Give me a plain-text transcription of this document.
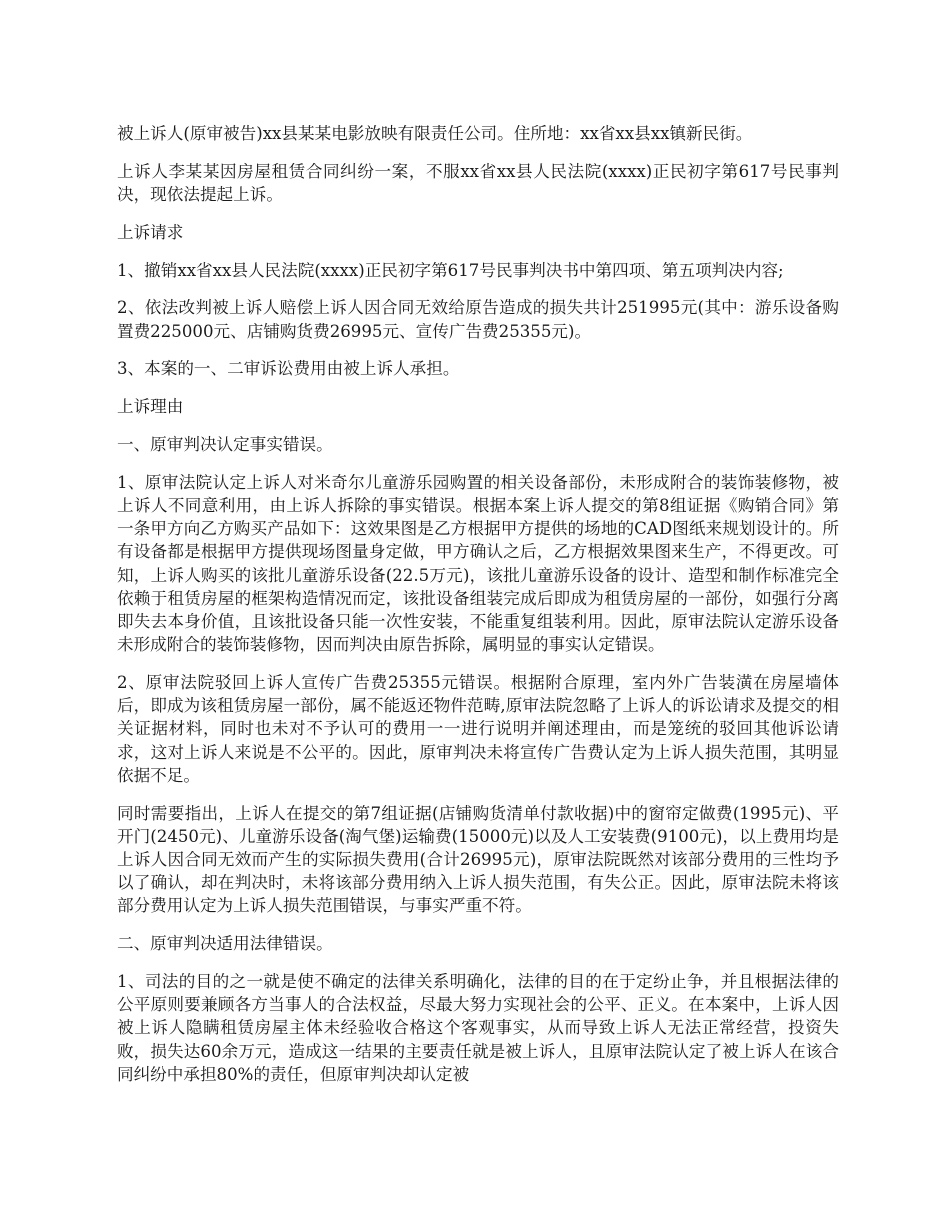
被上诉人(原审被告)xx县某某电影放映有限责任公司。住所地：xx省xx县xx镇新民街。

上诉人李某某因房屋租赁合同纠纷一案，不服xx省xx县人民法院(xxxx)正民初字第617号民事判决，现依法提起上诉。

上诉请求

1、撤销xx省xx县人民法院(xxxx)正民初字第617号民事判决书中第四项、第五项判决内容;

2、依法改判被上诉人赔偿上诉人因合同无效给原告造成的损失共计251995元(其中：游乐设备购置费225000元、店铺购货费26995元、宣传广告费25355元)。

3、本案的一、二审诉讼费用由被上诉人承担。

上诉理由

一、原审判决认定事实错误。

1、原审法院认定上诉人对米奇尔儿童游乐园购置的相关设备部份，未形成附合的装饰装修物，被上诉人不同意利用，由上诉人拆除的事实错误。根据本案上诉人提交的第8组证据《购销合同》第一条甲方向乙方购买产品如下：这效果图是乙方根据甲方提供的场地的CAD图纸来规划设计的。所有设备都是根据甲方提供现场图量身定做，甲方确认之后，乙方根据效果图来生产，不得更改。可知，上诉人购买的该批儿童游乐设备(22.5万元)，该批儿童游乐设备的设计、造型和制作标准完全依赖于租赁房屋的框架构造情况而定，该批设备组装完成后即成为租赁房屋的一部份，如强行分离即失去本身价值，且该批设备只能一次性安装，不能重复组装利用。因此，原审法院认定游乐设备未形成附合的装饰装修物，因而判决由原告拆除，属明显的事实认定错误。

2、原审法院驳回上诉人宣传广告费25355元错误。根据附合原理，室内外广告装潢在房屋墙体后，即成为该租赁房屋一部份，属不能返还物件范畴,原审法院忽略了上诉人的诉讼请求及提交的相关证据材料，同时也未对不予认可的费用一一进行说明并阐述理由，而是笼统的驳回其他诉讼请求，这对上诉人来说是不公平的。因此，原审判决未将宣传广告费认定为上诉人损失范围，其明显依据不足。

同时需要指出，上诉人在提交的第7组证据(店铺购货清单付款收据)中的窗帘定做费(1995元)、平开门(2450元)、儿童游乐设备(淘气堡)运输费(15000元)以及人工安装费(9100元)，以上费用均是上诉人因合同无效而产生的实际损失费用(合计26995元)，原审法院既然对该部分费用的三性均予以了确认，却在判决时，未将该部分费用纳入上诉人损失范围，有失公正。因此，原审法院未将该部分费用认定为上诉人损失范围错误，与事实严重不符。

二、原审判决适用法律错误。

1、司法的目的之一就是使不确定的法律关系明确化，法律的目的在于定纷止争，并且根据法律的公平原则要兼顾各方当事人的合法权益，尽最大努力实现社会的公平、正义。在本案中，上诉人因被上诉人隐瞒租赁房屋主体未经验收合格这个客观事实，从而导致上诉人无法正常经营，投资失败，损失达60余万元，造成这一结果的主要责任就是被上诉人，且原审法院认定了被上诉人在该合同纠纷中承担80%的责任，但原审判决却认定被
